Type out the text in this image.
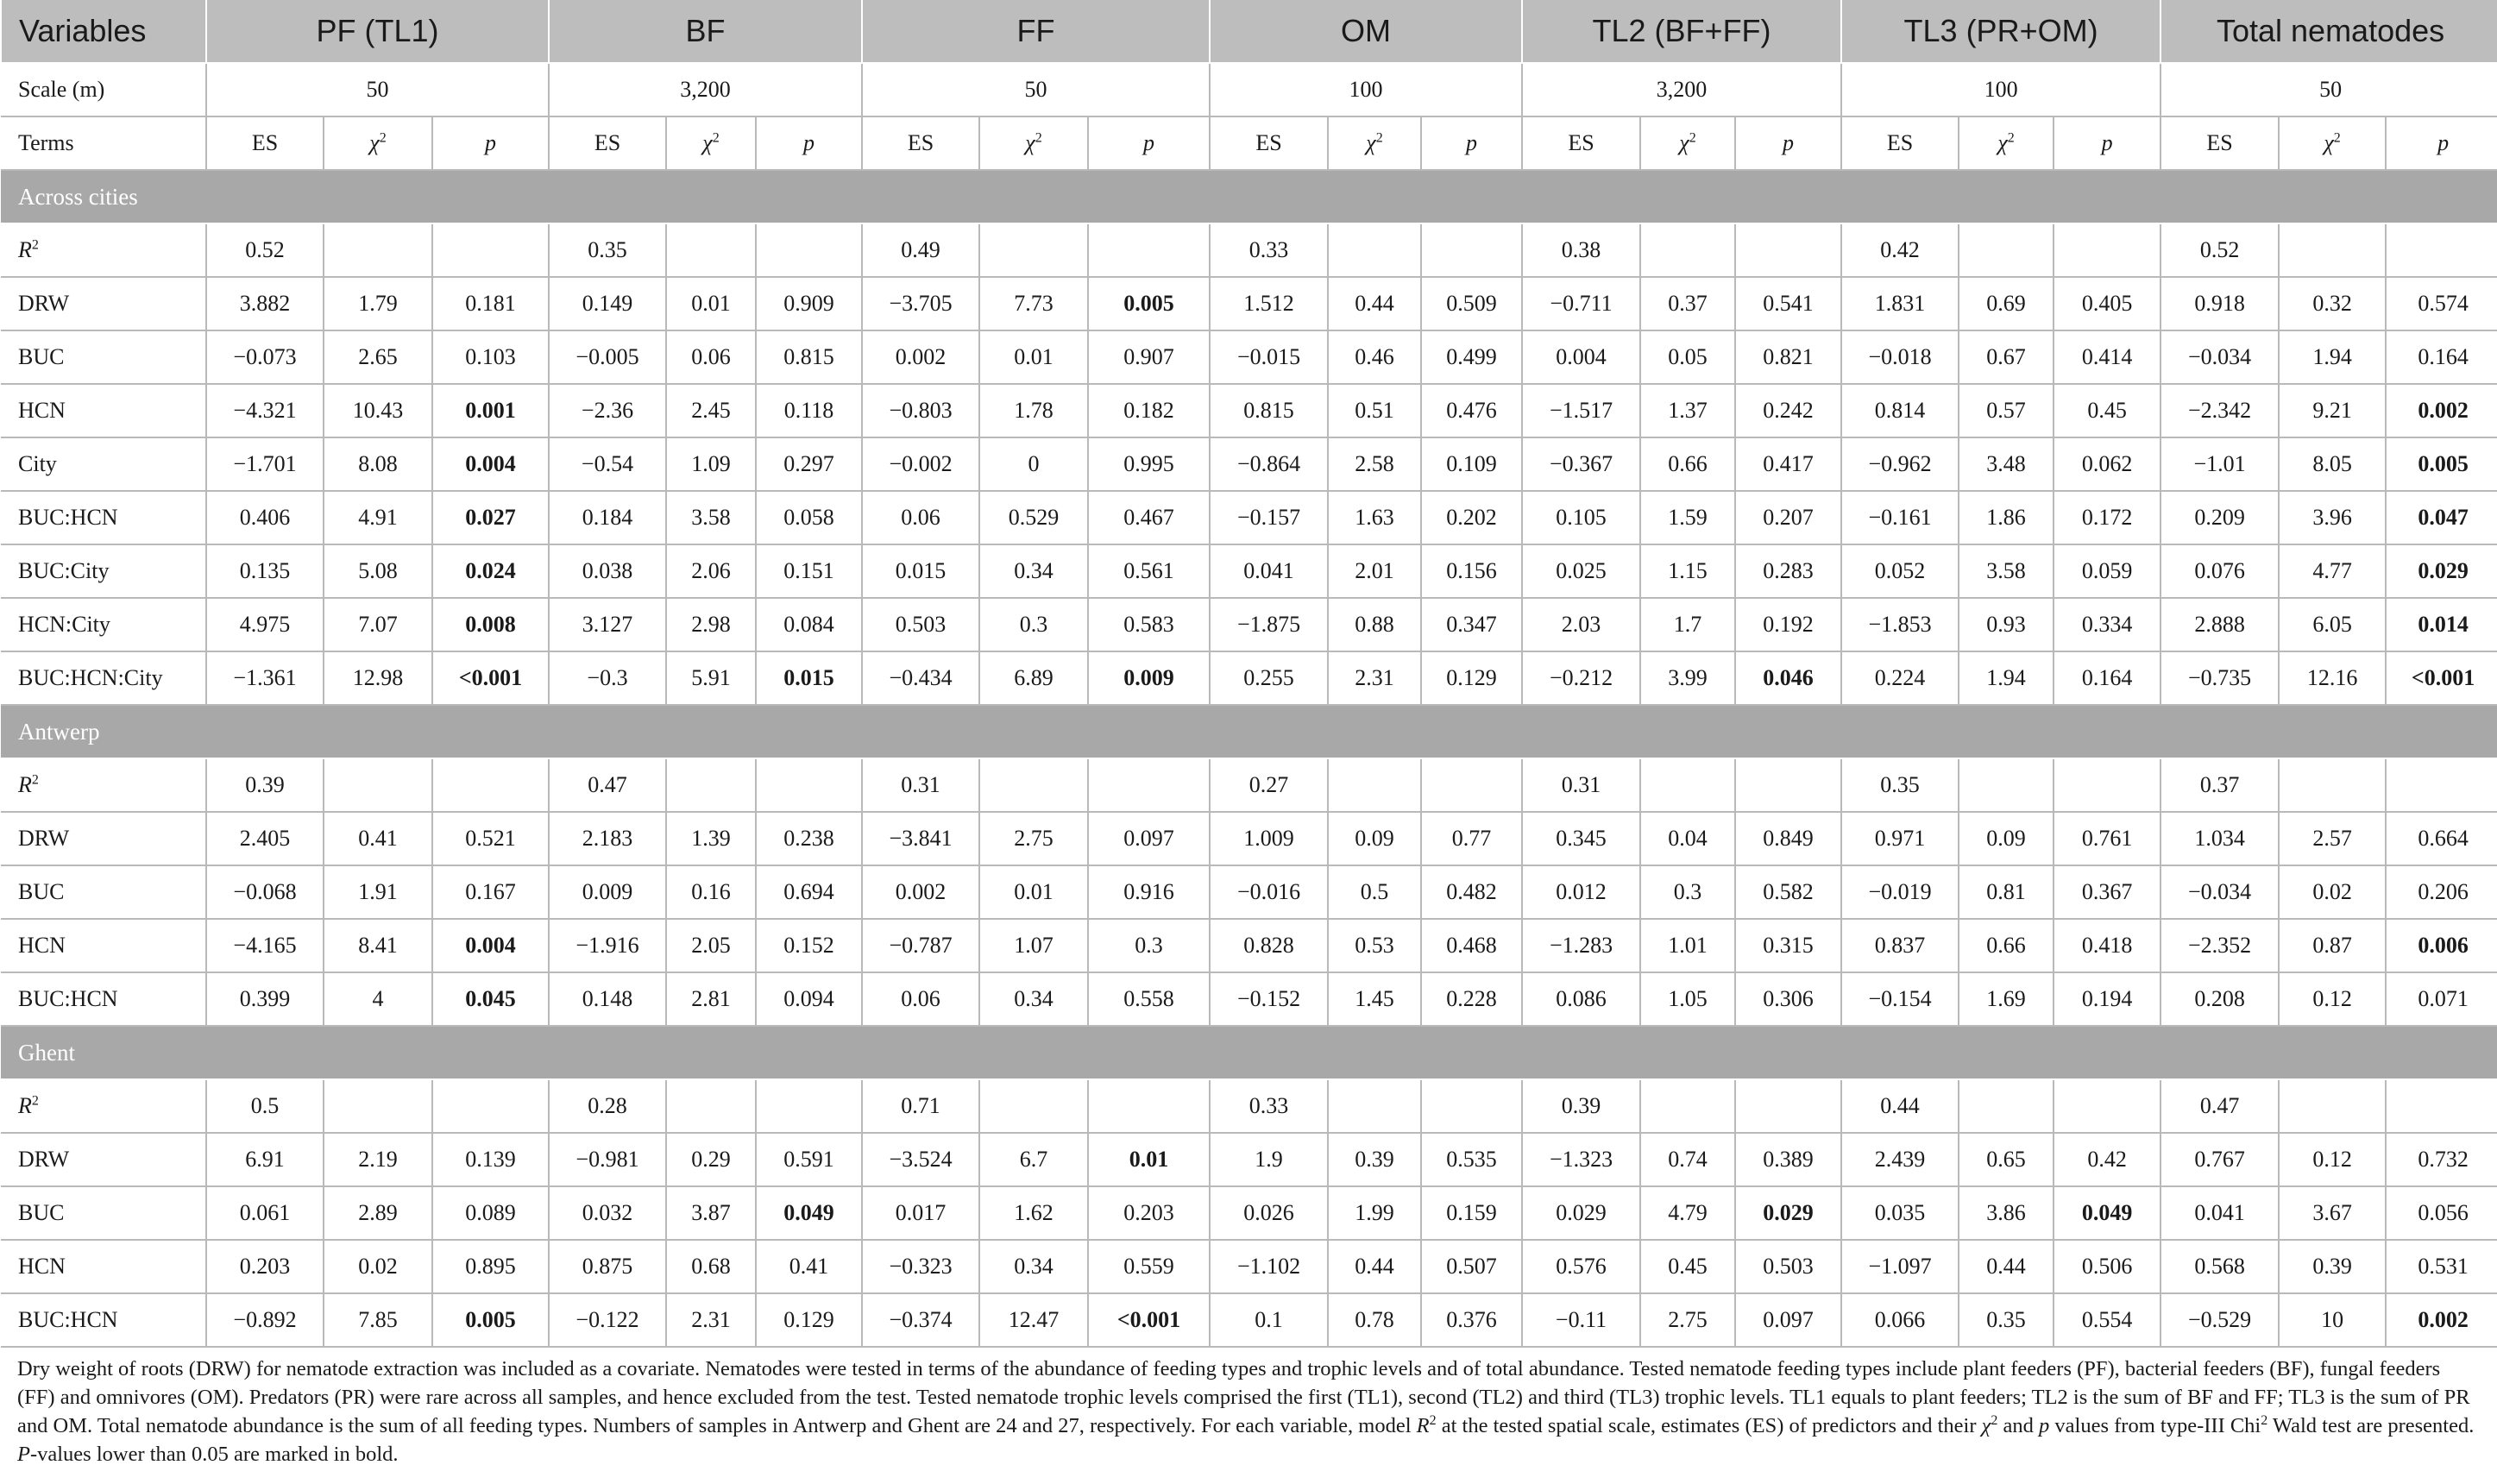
Variables	PF (TL1)			BF			FF			OM			TL2 (BF+FF)			TL3 (PR+OM)			Total nematodes		
Scale (m)	50			3,200			50			100			3,200			100			50		
Terms	ES	$\chi^2$	p	ES	$\chi^2$	p	ES	$\chi^2$	p	ES	$\chi^2$	p	ES	$\chi^2$	p	ES	$\chi^2$	p	ES	$\chi^2$	p
Across cities																					
$R^2$	0.52			0.35			0.49			0.33			0.38			0.42			0.52		
DRW	3.882	1.79	0.181	0.149	0.01	0.909	−3.705	7.73	0.005	1.512	0.44	0.509	−0.711	0.37	0.541	1.831	0.69	0.405	0.918	0.32	0.574
BUC	−0.073	2.65	0.103	−0.005	0.06	0.815	0.002	0.01	0.907	−0.015	0.46	0.499	0.004	0.05	0.821	−0.018	0.67	0.414	−0.034	1.94	0.164
HCN	−4.321	10.43	0.001	−2.36	2.45	0.118	−0.803	1.78	0.182	0.815	0.51	0.476	−1.517	1.37	0.242	0.814	0.57	0.45	−2.342	9.21	0.002
City	−1.701	8.08	0.004	−0.54	1.09	0.297	−0.002	0	0.995	−0.864	2.58	0.109	−0.367	0.66	0.417	−0.962	3.48	0.062	−1.01	8.05	0.005
BUC:HCN	0.406	4.91	0.027	0.184	3.58	0.058	0.06	0.529	0.467	−0.157	1.63	0.202	0.105	1.59	0.207	−0.161	1.86	0.172	0.209	3.96	0.047
BUC:City	0.135	5.08	0.024	0.038	2.06	0.151	0.015	0.34	0.561	0.041	2.01	0.156	0.025	1.15	0.283	0.052	3.58	0.059	0.076	4.77	0.029
HCN:City	4.975	7.07	0.008	3.127	2.98	0.084	0.503	0.3	0.583	−1.875	0.88	0.347	2.03	1.7	0.192	−1.853	0.93	0.334	2.888	6.05	0.014
BUC:HCN:City	−1.361	12.98	<0.001	−0.3	5.91	0.015	−0.434	6.89	0.009	0.255	2.31	0.129	−0.212	3.99	0.046	0.224	1.94	0.164	−0.735	12.16	<0.001
Antwerp																					
$R^2$	0.39			0.47			0.31			0.27			0.31			0.35			0.37		
DRW	2.405	0.41	0.521	2.183	1.39	0.238	−3.841	2.75	0.097	1.009	0.09	0.77	0.345	0.04	0.849	0.971	0.09	0.761	1.034	2.57	0.664
BUC	−0.068	1.91	0.167	0.009	0.16	0.694	0.002	0.01	0.916	−0.016	0.5	0.482	0.012	0.3	0.582	−0.019	0.81	0.367	−0.034	0.02	0.206
HCN	−4.165	8.41	0.004	−1.916	2.05	0.152	−0.787	1.07	0.3	0.828	0.53	0.468	−1.283	1.01	0.315	0.837	0.66	0.418	−2.352	0.87	0.006
BUC:HCN	0.399	4	0.045	0.148	2.81	0.094	0.06	0.34	0.558	−0.152	1.45	0.228	0.086	1.05	0.306	−0.154	1.69	0.194	0.208	0.12	0.071
Ghent																					
$R^2$	0.5			0.28			0.71			0.33			0.39			0.44			0.47		
DRW	6.91	2.19	0.139	−0.981	0.29	0.591	−3.524	6.7	0.01	1.9	0.39	0.535	−1.323	0.74	0.389	2.439	0.65	0.42	0.767	0.12	0.732
BUC	0.061	2.89	0.089	0.032	3.87	0.049	0.017	1.62	0.203	0.026	1.99	0.159	0.029	4.79	0.029	0.035	3.86	0.049	0.041	3.67	0.056
HCN	0.203	0.02	0.895	0.875	0.68	0.41	−0.323	0.34	0.559	−1.102	0.44	0.507	0.576	0.45	0.503	−1.097	0.44	0.506	0.568	0.39	0.531
BUC:HCN	−0.892	7.85	0.005	−0.122	2.31	0.129	−0.374	12.47	<0.001	0.1	0.78	0.376	−0.11	2.75	0.097	0.066	0.35	0.554	−0.529	10	0.002
Dry weight of roots (DRW) for nematode extraction was included as a covariate. Nematodes were tested in terms of the abundance of feeding types and trophic levels and of total abundance. Tested nematode feeding types include plant feeders (PF), bacterial feeders (BF), fungal feeders (FF) and omnivores (OM). Predators (PR) were rare across all samples, and hence excluded from the test. Tested nematode trophic levels comprised the first (TL1), second (TL2) and third (TL3) trophic levels. TL1 equals to plant feeders; TL2 is the sum of BF and FF; TL3 is the sum of PR and OM. Total nematode abundance is the sum of all feeding types. Numbers of samples in Antwerp and Ghent are 24 and 27, respectively. For each variable, model $R^2$ at the tested spatial scale, estimates (ES) of predictors and their $\chi^2$ and p values from type-III Chi$^2$ Wald test are presented. P-values lower than 0.05 are marked in bold.
